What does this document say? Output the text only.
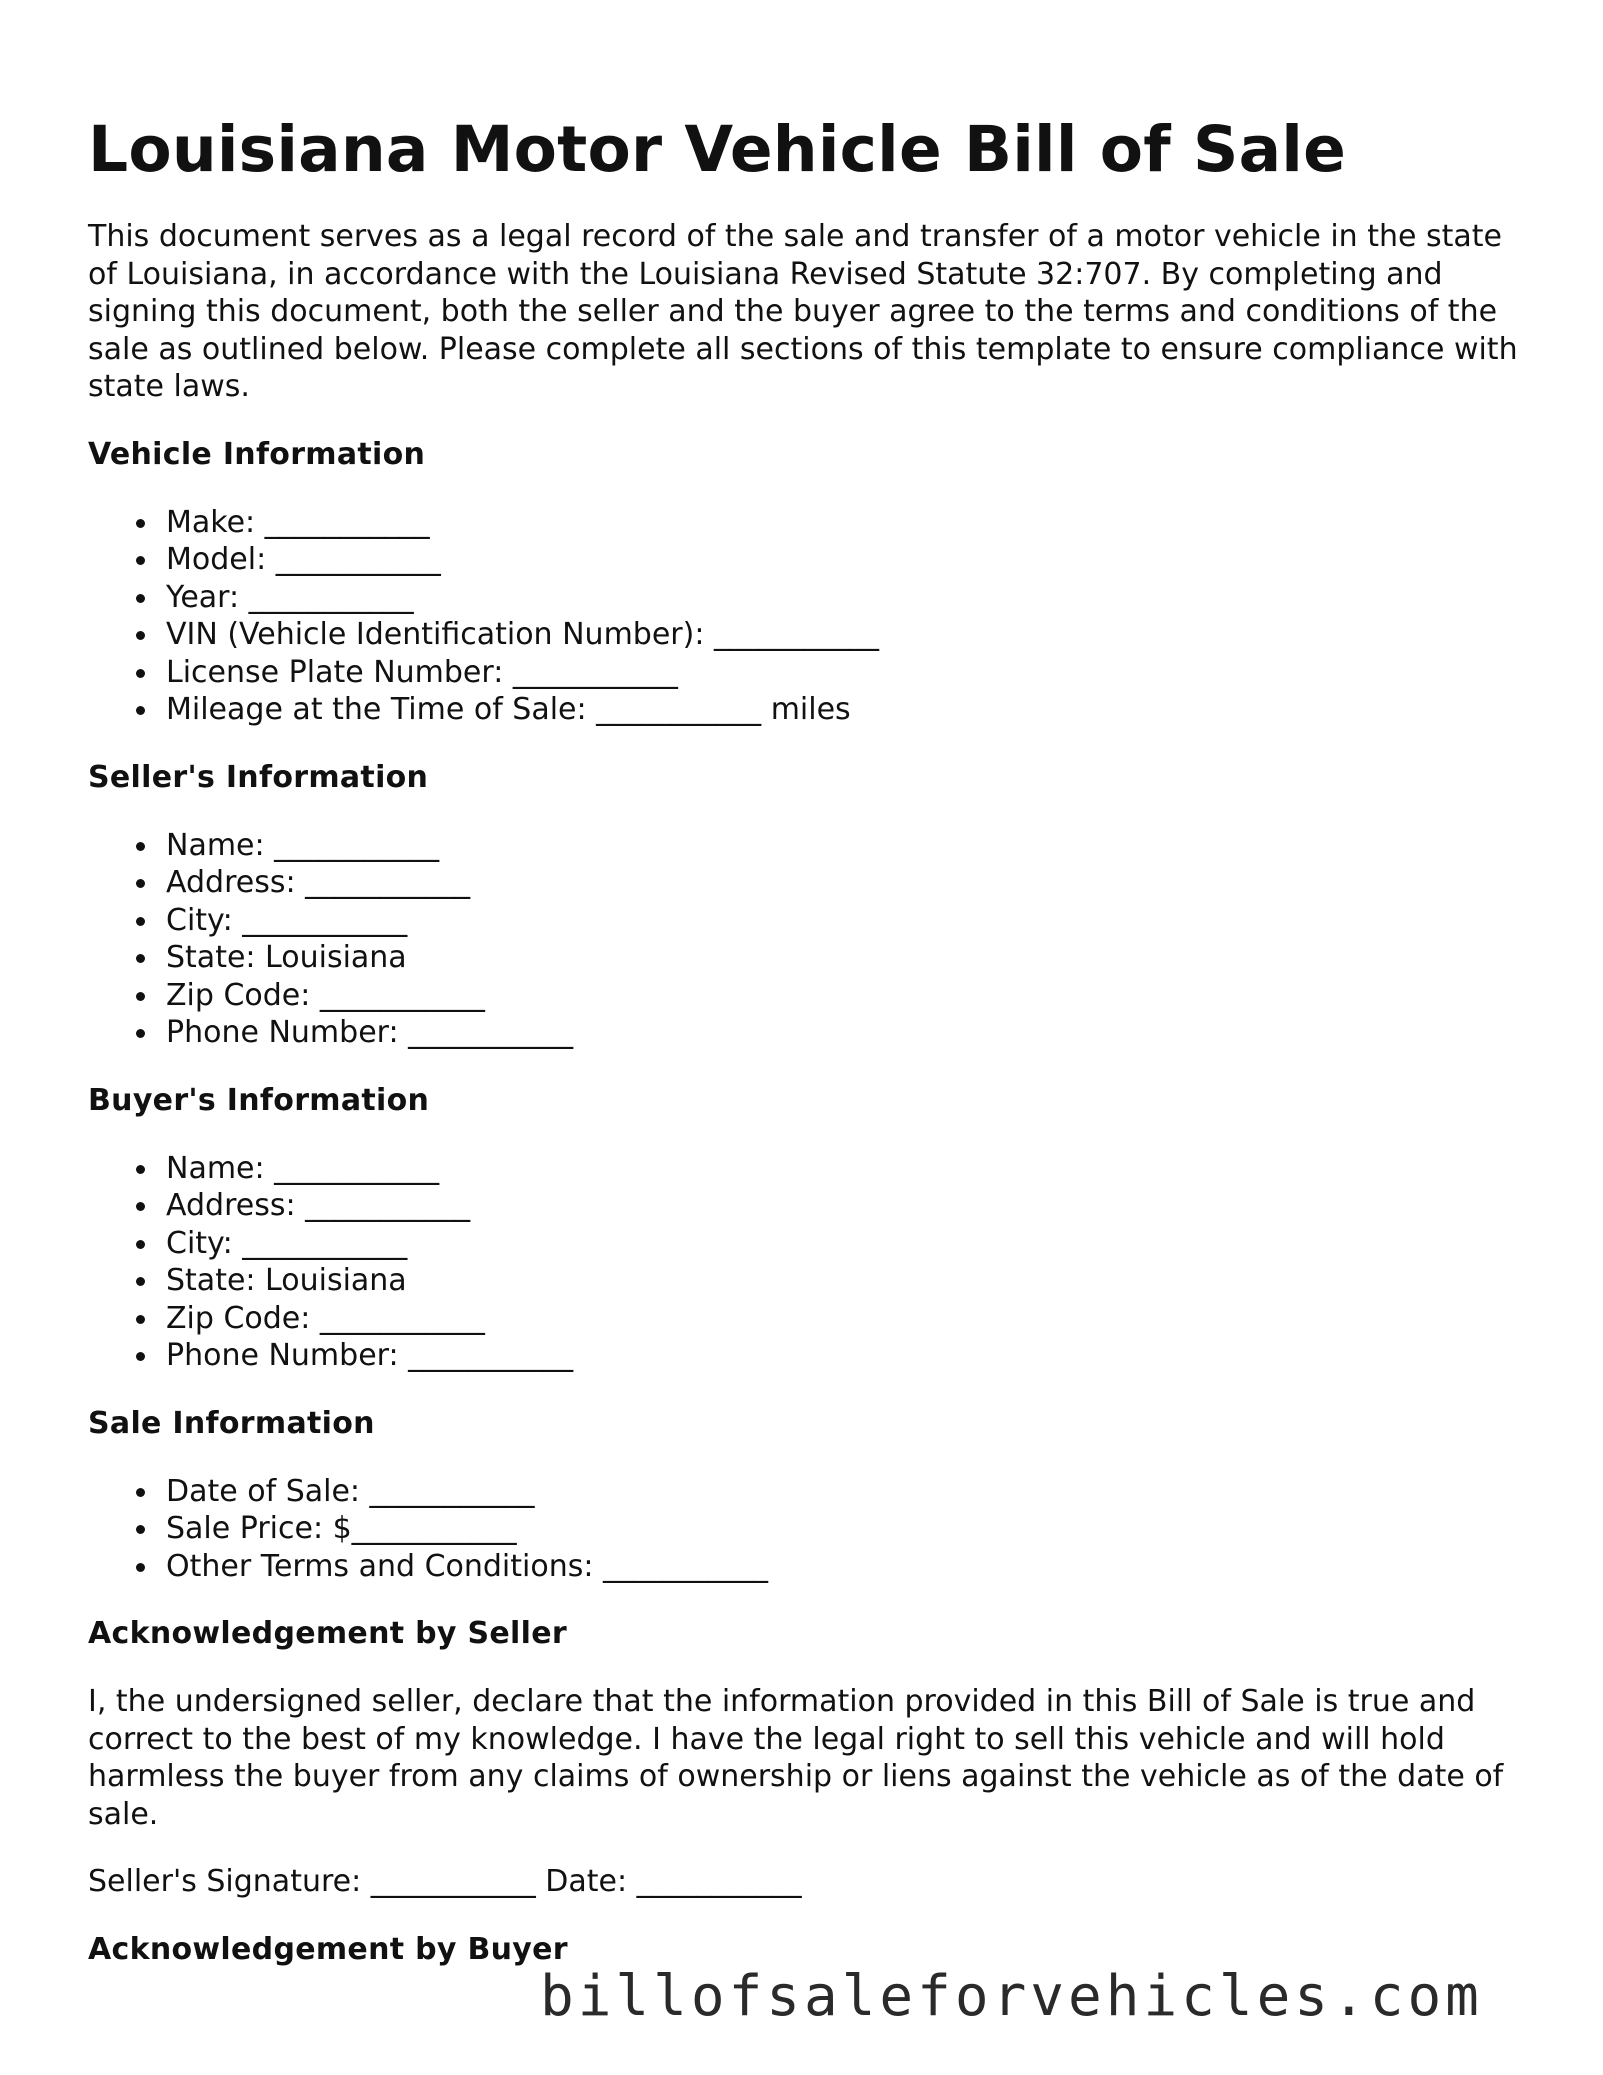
Louisiana Motor Vehicle Bill of Sale

This document serves as a legal record of the sale and transfer of a motor vehicle in the state of Louisiana, in accordance with the Louisiana Revised Statute 32:707. By completing and signing this document, both the seller and the buyer agree to the terms and conditions of the sale as outlined below. Please complete all sections of this template to ensure compliance with state laws.

Vehicle Information
Make: ___________
Model: ___________
Year: ___________
VIN (Vehicle Identification Number): ___________
License Plate Number: ___________
Mileage at the Time of Sale: ___________ miles
Seller's Information
Name: ___________
Address: ___________
City: ___________
State: Louisiana
Zip Code: ___________
Phone Number: ___________
Buyer's Information
Name: ___________
Address: ___________
City: ___________
State: Louisiana
Zip Code: ___________
Phone Number: ___________
Sale Information
Date of Sale: ___________
Sale Price: $___________
Other Terms and Conditions: ___________
Acknowledgement by Seller

I, the undersigned seller, declare that the information provided in this Bill of Sale is true and correct to the best of my knowledge. I have the legal right to sell this vehicle and will hold harmless the buyer from any claims of ownership or liens against the vehicle as of the date of sale.

Seller's Signature: ___________ Date: ___________
Acknowledgement by Buyer
billofsaleforvehicles.com
